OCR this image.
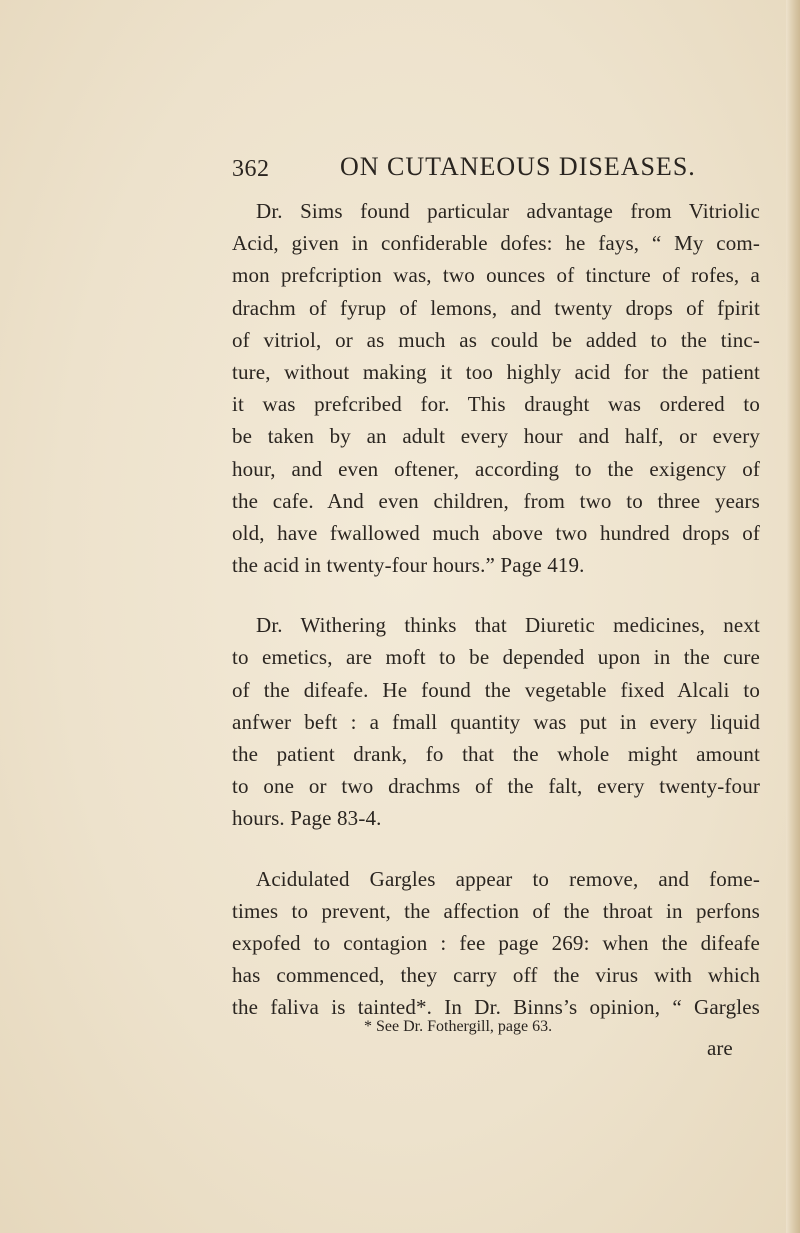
362	ON CUTANEOUS DISEASES.
Dr. Sims found particular advantage from Vitriolic
Acid, given in confiderable dofes: he fays, “ My com-
mon prefcription was, two ounces of tincture of rofes, a
drachm of fyrup of lemons, and twenty drops of fpirit
of vitriol, or as much as could be added to the tinc-
ture, without making it too highly acid for the patient
it was prefcribed for. This draught was ordered to
be taken by an adult every hour and half, or every
hour, and even oftener, according to the exigency of
the cafe. And even children, from two to three years
old, have fwallowed much above two hundred drops of
the acid in twenty-four hours.” Page 419.
Dr. Withering thinks that Diuretic medicines, next
to emetics, are moft to be depended upon in the cure
of the difeafe. He found the vegetable fixed Alcali to
anfwer beft : a fmall quantity was put in every liquid
the patient drank, fo that the whole might amount
to one or two drachms of the falt, every twenty-four
hours. Page 83-4.
Acidulated Gargles appear to remove, and fome-
times to prevent, the affection of the throat in perfons
expofed to contagion : fee page 269: when the difeafe
has commenced, they carry off the virus with which
the faliva is tainted*. In Dr. Binns’s opinion, “ Gargles
* See Dr. Fothergill, page 63.
are
